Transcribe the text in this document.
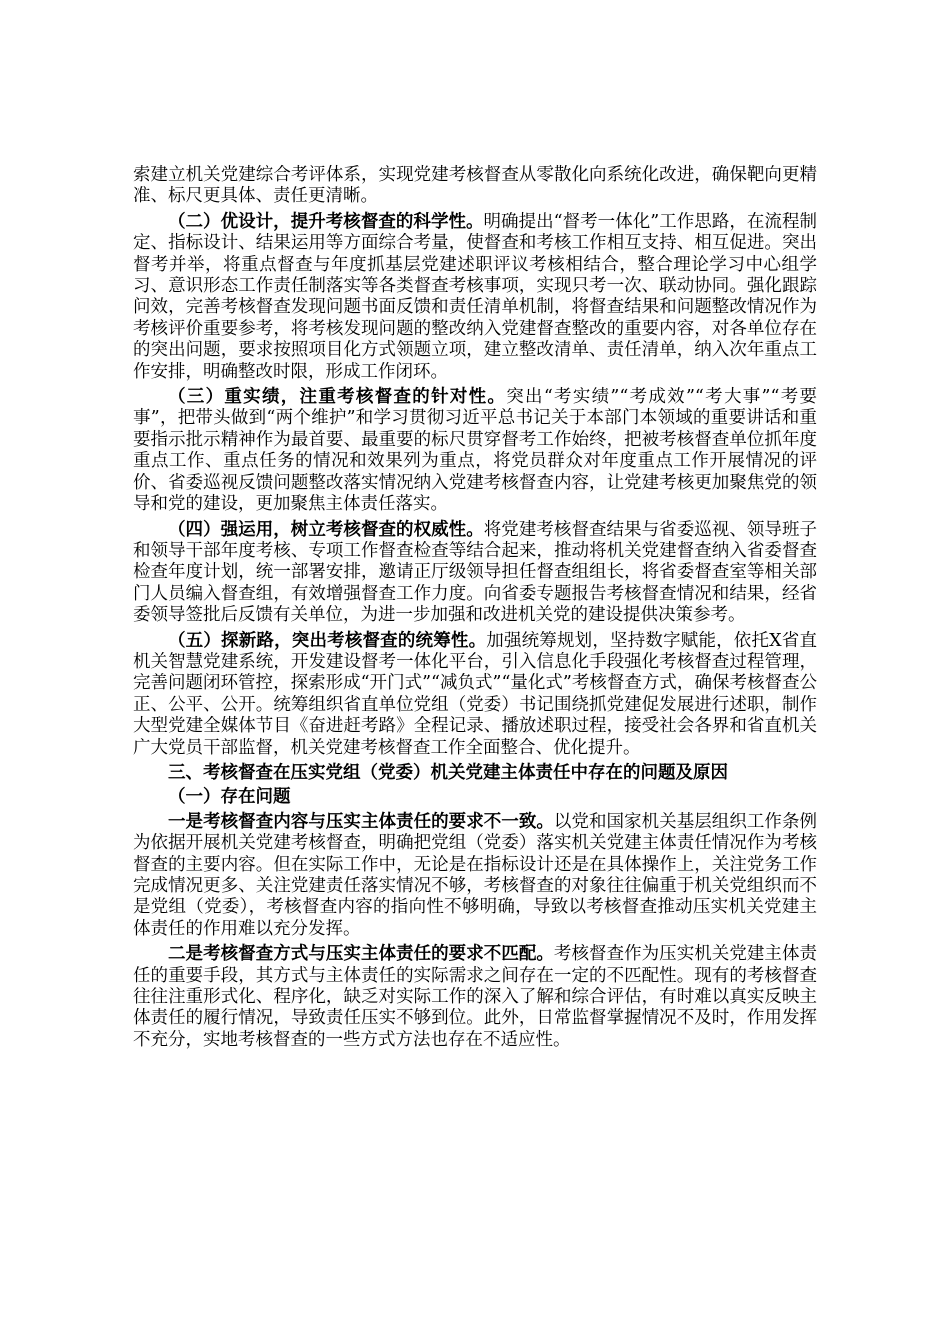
索建立机关党建综合考评体系，实现党建考核督查从零散化向系统化改进，确保靶向更精准、标尺更具体、责任更清晰。

（二）优设计，提升考核督查的科学性。明确提出“督考一体化”工作思路，在流程制定、指标设计、结果运用等方面综合考量，使督查和考核工作相互支持、相互促进。突出督考并举，将重点督查与年度抓基层党建述职评议考核相结合，整合理论学习中心组学习、意识形态工作责任制落实等各类督查考核事项，实现只考一次、联动协同。强化跟踪问效，完善考核督查发现问题书面反馈和责任清单机制，将督查结果和问题整改情况作为考核评价重要参考，将考核发现问题的整改纳入党建督查整改的重要内容，对各单位存在的突出问题，要求按照项目化方式领题立项，建立整改清单、责任清单，纳入次年重点工作安排，明确整改时限，形成工作闭环。

（三）重实绩，注重考核督查的针对性。突出“考实绩”“考成效”“考大事”“考要事”，把带头做到“两个维护”和学习贯彻习近平总书记关于本部门本领域的重要讲话和重要指示批示精神作为最首要、最重要的标尺贯穿督考工作始终，把被考核督查单位抓年度重点工作、重点任务的情况和效果列为重点，将党员群众对年度重点工作开展情况的评价、省委巡视反馈问题整改落实情况纳入党建考核督查内容，让党建考核更加聚焦党的领导和党的建设，更加聚焦主体责任落实。

（四）强运用，树立考核督查的权威性。将党建考核督查结果与省委巡视、领导班子和领导干部年度考核、专项工作督查检查等结合起来，推动将机关党建督查纳入省委督查检查年度计划，统一部署安排，邀请正厅级领导担任督查组组长，将省委督查室等相关部门人员编入督查组，有效增强督查工作力度。向省委专题报告考核督查情况和结果，经省委领导签批后反馈有关单位，为进一步加强和改进机关党的建设提供决策参考。

（五）探新路，突出考核督查的统筹性。加强统筹规划，坚持数字赋能，依托X省直机关智慧党建系统，开发建设督考一体化平台，引入信息化手段强化考核督查过程管理，完善问题闭环管控，探索形成“开门式”“减负式”“量化式”考核督查方式，确保考核督查公正、公平、公开。统筹组织省直单位党组（党委）书记围绕抓党建促发展进行述职，制作大型党建全媒体节目《奋进赶考路》全程记录、播放述职过程，接受社会各界和省直机关广大党员干部监督，机关党建考核督查工作全面整合、优化提升。

三、考核督查在压实党组（党委）机关党建主体责任中存在的问题及原因

（一）存在问题

一是考核督查内容与压实主体责任的要求不一致。以党和国家机关基层组织工作条例为依据开展机关党建考核督查，明确把党组（党委）落实机关党建主体责任情况作为考核督查的主要内容。但在实际工作中，无论是在指标设计还是在具体操作上，关注党务工作完成情况更多、关注党建责任落实情况不够，考核督查的对象往往偏重于机关党组织而不是党组（党委），考核督查内容的指向性不够明确，导致以考核督查推动压实机关党建主体责任的作用难以充分发挥。

二是考核督查方式与压实主体责任的要求不匹配。考核督查作为压实机关党建主体责任的重要手段，其方式与主体责任的实际需求之间存在一定的不匹配性。现有的考核督查往往注重形式化、程序化，缺乏对实际工作的深入了解和综合评估，有时难以真实反映主体责任的履行情况，导致责任压实不够到位。此外，日常监督掌握情况不及时，作用发挥不充分，实地考核督查的一些方式方法也存在不适应性。
